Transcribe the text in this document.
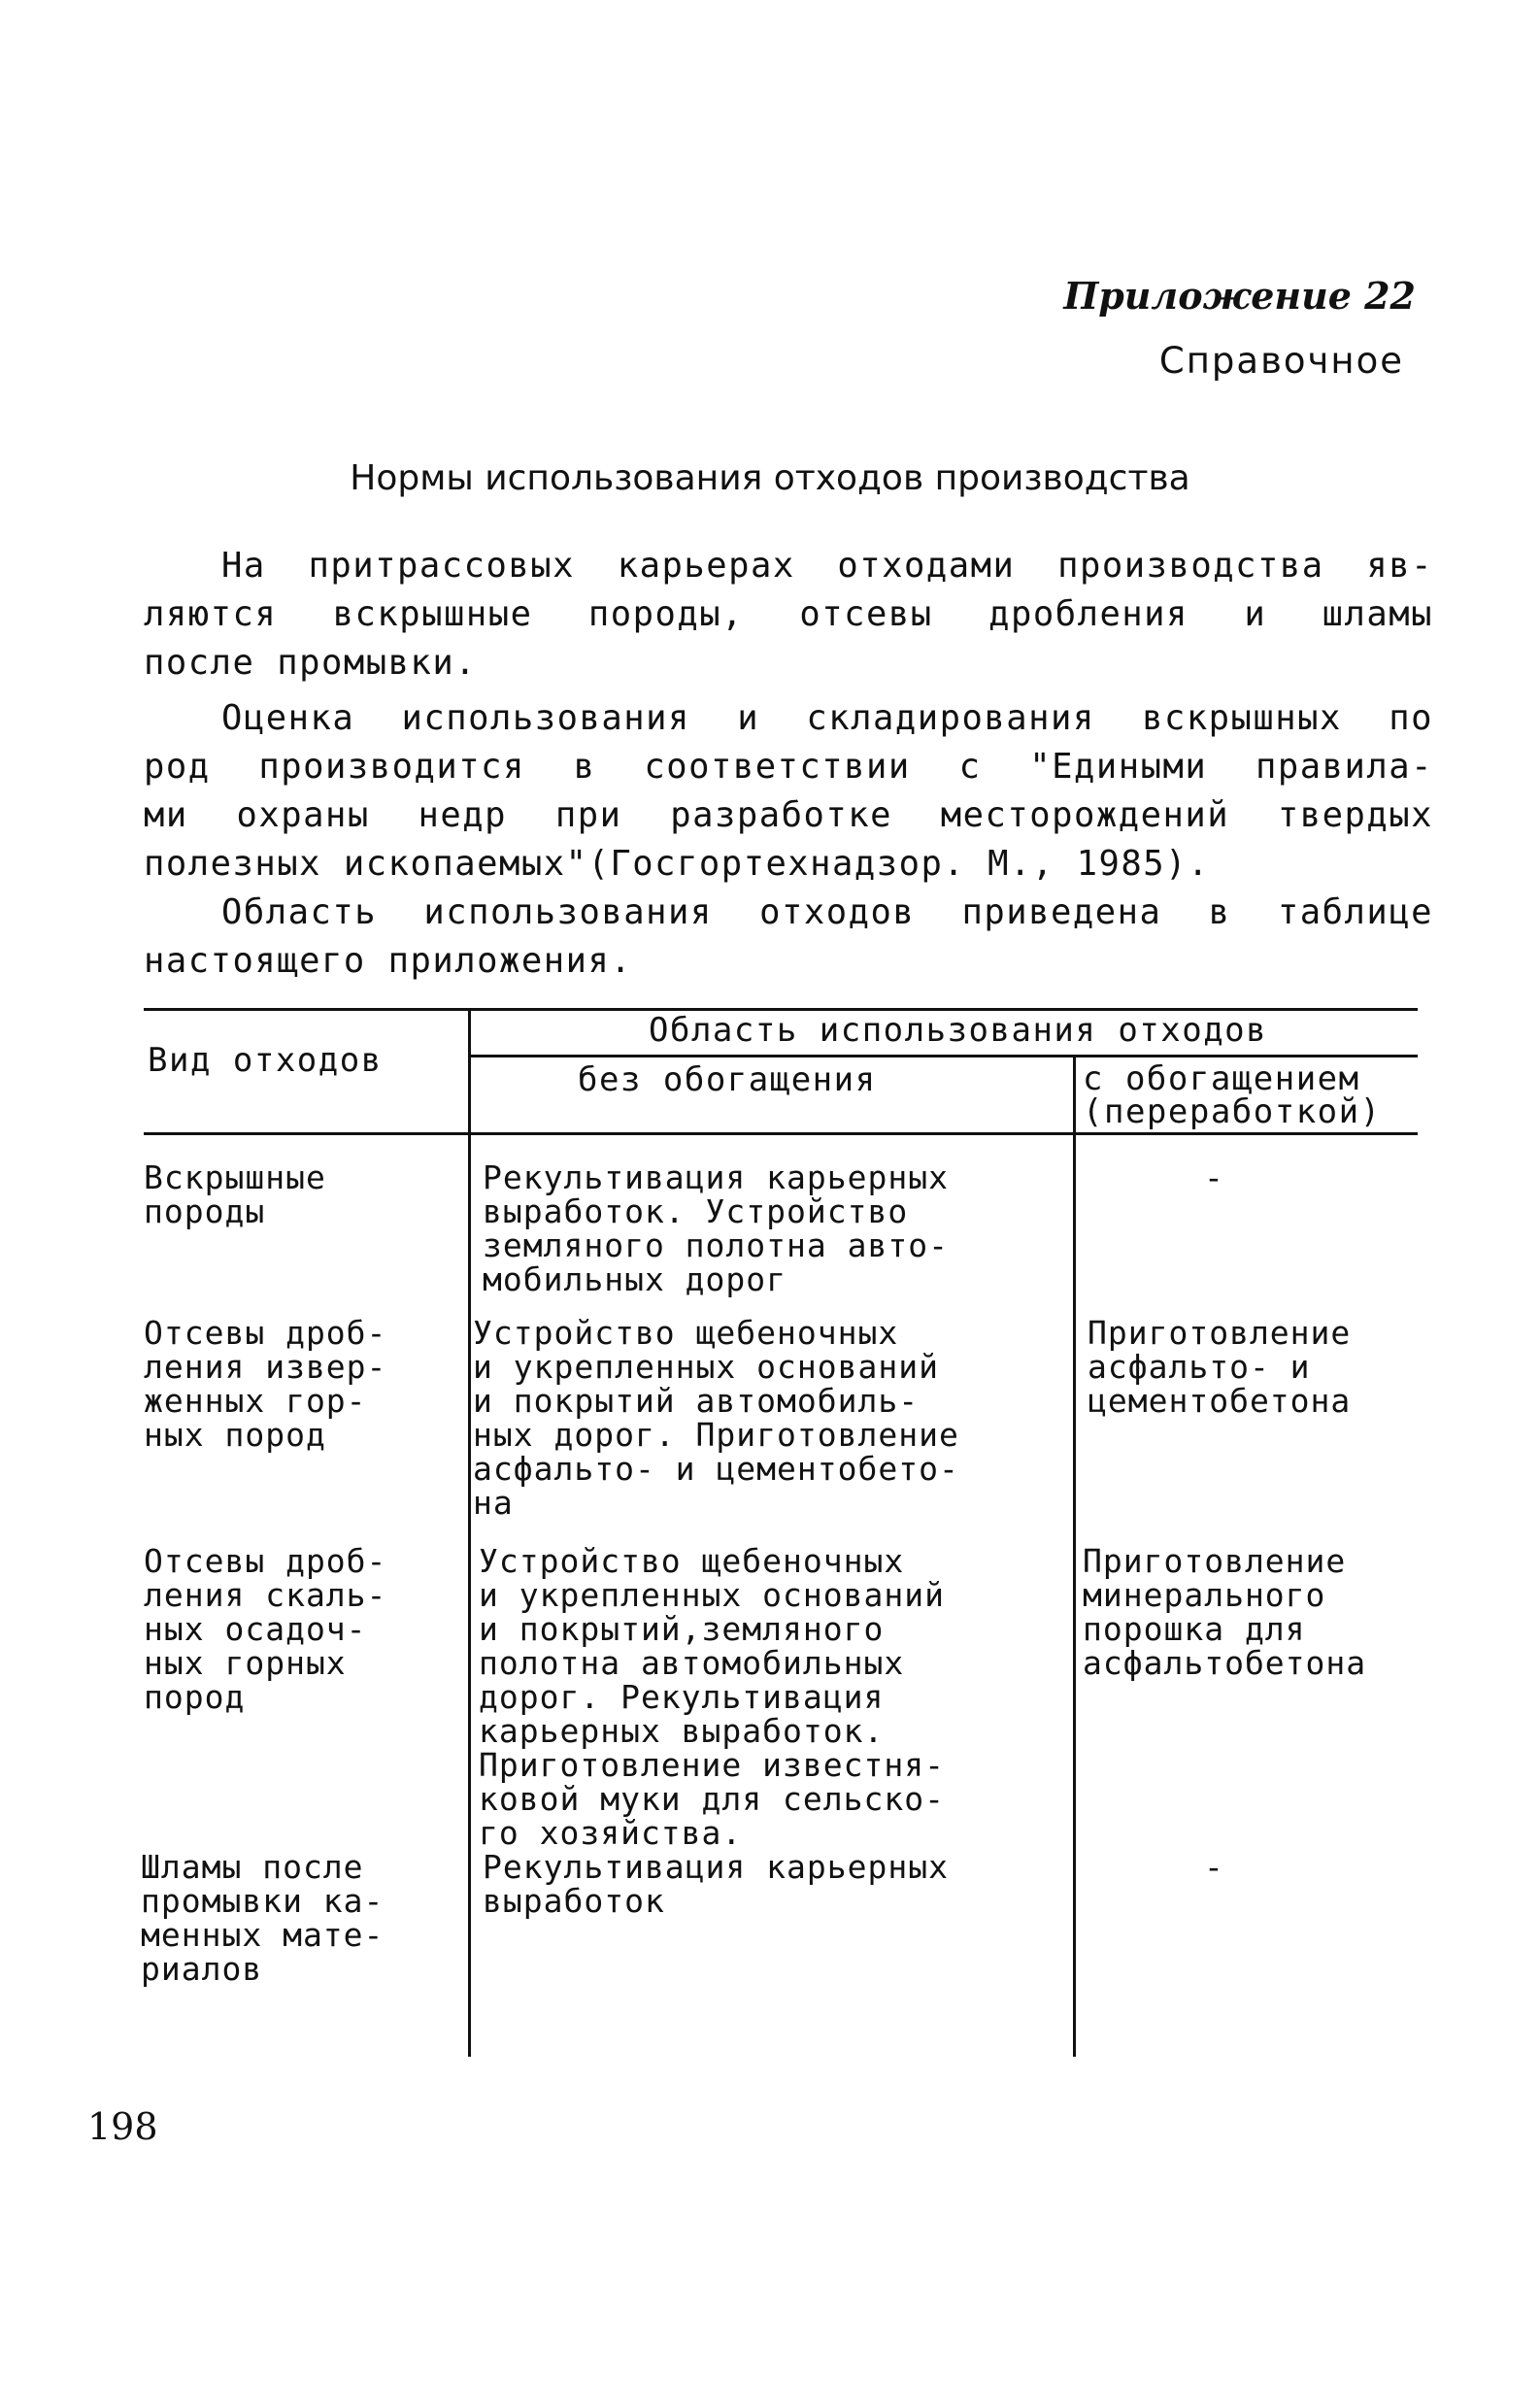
Приложение 22
Справочное
Нормы использования отходов производства

На притрассовых карьерах отходами производства яв-
ляются вскрышные породы, отсевы дробления и шламы
после промывки.

Оценка использования и складирования вскрышных по
род производится в соответствии с "Едиными правила-
ми охраны недр при разработке месторождений твердых
полезных ископаемых"(Госгортехнадзор. М., 1985).

Область использования отходов приведена в таблице
настоящего приложения.

Вид отходов
Область использования отходов
без обогащения	с обогащением
(переработкой)
Вскрышные
породы
Рекультивация карьерных
выработок. Устройство
земляного полотна авто-
мобильных дорог
-
Отсевы дроб-
ления извер-
женных гор-
ных пород
Устройство щебеночных
и укрепленных оснований
и покрытий автомобиль-
ных дорог. Приготовление
асфальто- и цементобето-
на
Приготовление
асфальто- и
цементобетона
Отсевы дроб-
ления скаль-
ных осадоч-
ных горных
пород
Устройство щебеночных
и укрепленных оснований
и покрытий,земляного
полотна автомобильных
дорог. Рекультивация
карьерных выработок.
Приготовление известня-
ковой муки для сельско-
го хозяйства.
Приготовление
минерального
порошка для
асфальтобетона
Шламы после
промывки ка-
менных мате-
риалов
Рекультивация карьерных
выработок
-
198
